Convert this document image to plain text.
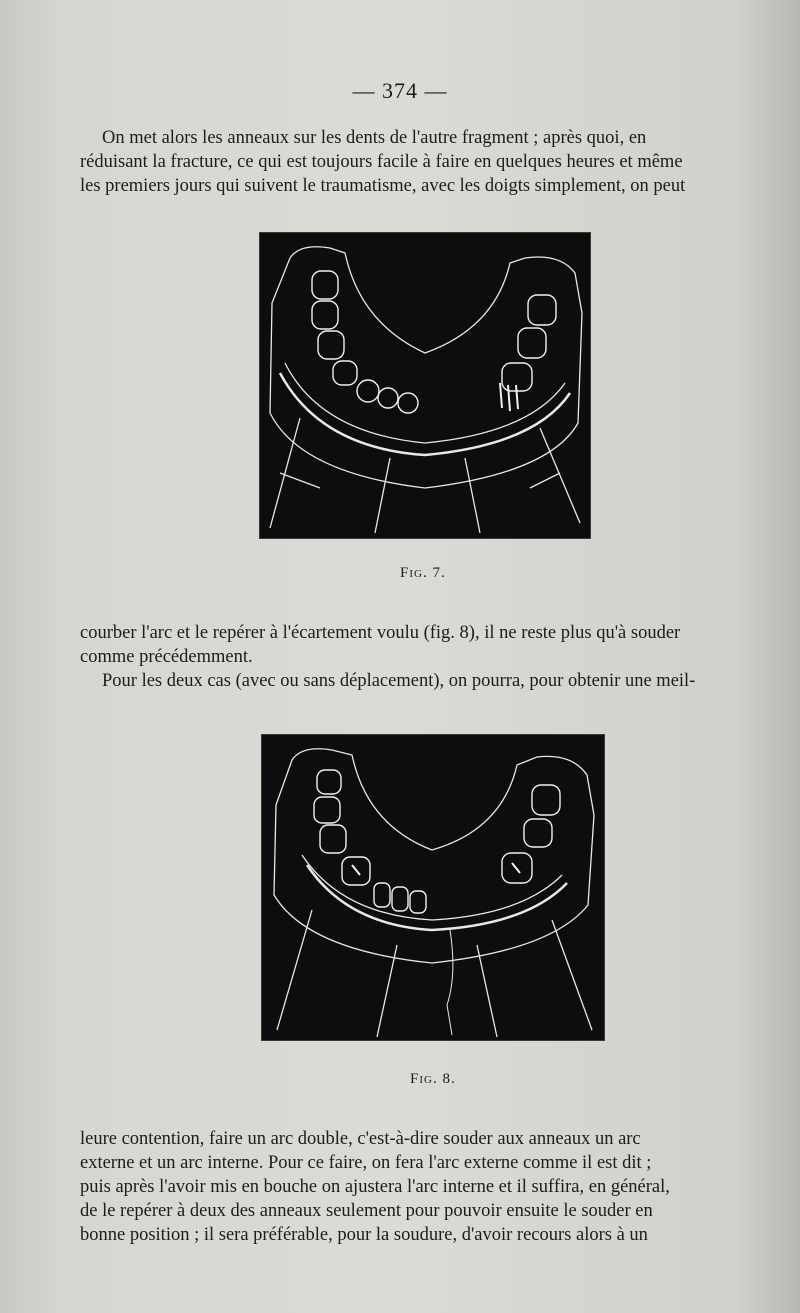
— 374 —
On met alors les anneaux sur les dents de l'autre fragment ; après quoi, en
réduisant la fracture, ce qui est toujours facile à faire en quelques heures et même
les premiers jours qui suivent le traumatisme, avec les doigts simplement, on peut
Fig. 7.
courber l'arc et le repérer à l'écartement voulu (fig. 8), il ne reste plus qu'à souder
comme précédemment.
Pour les deux cas (avec ou sans déplacement), on pourra, pour obtenir une meil-
Fig. 8.
leure contention, faire un arc double, c'est-à-dire souder aux anneaux un arc
externe et un arc interne. Pour ce faire, on fera l'arc externe comme il est dit ;
puis après l'avoir mis en bouche on ajustera l'arc interne et il suffira, en général,
de le repérer à deux des anneaux seulement pour pouvoir ensuite le souder en
bonne position ; il sera préférable, pour la soudure, d'avoir recours alors à un
